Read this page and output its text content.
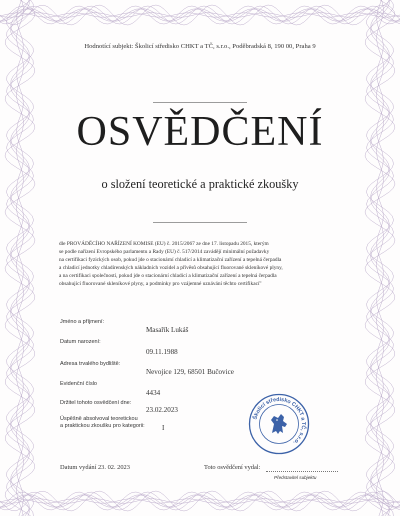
Hodnotící subjekt: Školicí středisko CHKT a TČ, s.r.o., Poděbradská 8, 190 00, Praha 9
OSVĚDČENÍ
o složení teoretické a praktické zkoušky

dle PROVÁDĚCÍHO NAŘÍZENÍ KOMISE (EU) č. 2015/2067 ze dne 17. listopadu 2015, kterým

se podle nařízení Evropského parlamentu a Rady (EU) č. 517/2014 zavádějí minimální požadavky

na certifikaci fyzických osob, pokud jde o stacionární chladicí a klimatizační zařízení a tepelná čerpadla

a chladicí jednotky chladírenských nákladních vozidel a přívěsů obsahující fluorované skleníkové plyny,

a na certifikaci společností, pokud jde o stacionární chladicí a klimatizační zařízení a tepelná čerpadla

obsahující fluorované skleníkové plyny, a podmínky pro vzájemné uznávání těchto certifikací"

Jméno a příjmení:
Masařík Lukáš
Datum narození:
09.11.1988
Adresa trvalého bydliště:
Nevojice 129, 68501 Bučovice
Evidenční číslo
4434
Držitel tohoto osvědčení dne:
23.02.2023
Úspěšně absolvoval teoretickou
a praktickou zkoušku pro kategorii: I
Školicí středisko CHKT a TČ, s.r.o.
Datum vydání 23. 02. 2023	Toto osvědčení vydal:
Představitel subjektu
